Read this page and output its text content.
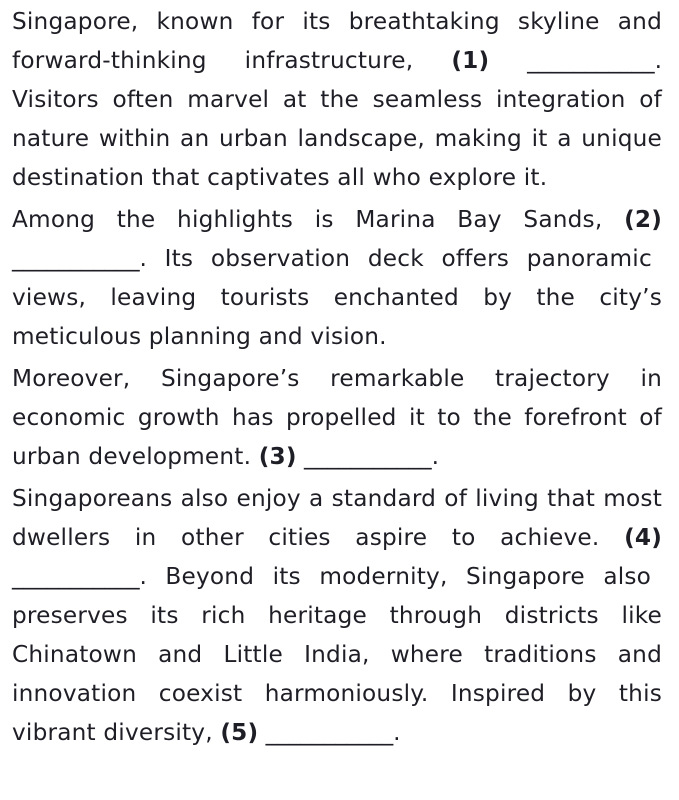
Singapore, known for its breathtaking skyline and forward-thinking infrastructure, (1) ___________. Visitors often marvel at the seamless integration of nature within an urban landscape, making it a unique destination that captivates all who explore it.

Among the highlights is Marina Bay Sands, (2) ___________. Its observation deck offers panoramic views, leaving tourists enchanted by the city’s meticulous planning and vision.

Moreover, Singapore’s remarkable trajectory in economic growth has propelled it to the forefront of urban development. (3) ___________.

Singaporeans also enjoy a standard of living that most dwellers in other cities aspire to achieve. (4) ___________. Beyond its modernity, Singapore also preserves its rich heritage through districts like Chinatown and Little India, where traditions and innovation coexist harmoniously. Inspired by this vibrant diversity, (5) ___________.
